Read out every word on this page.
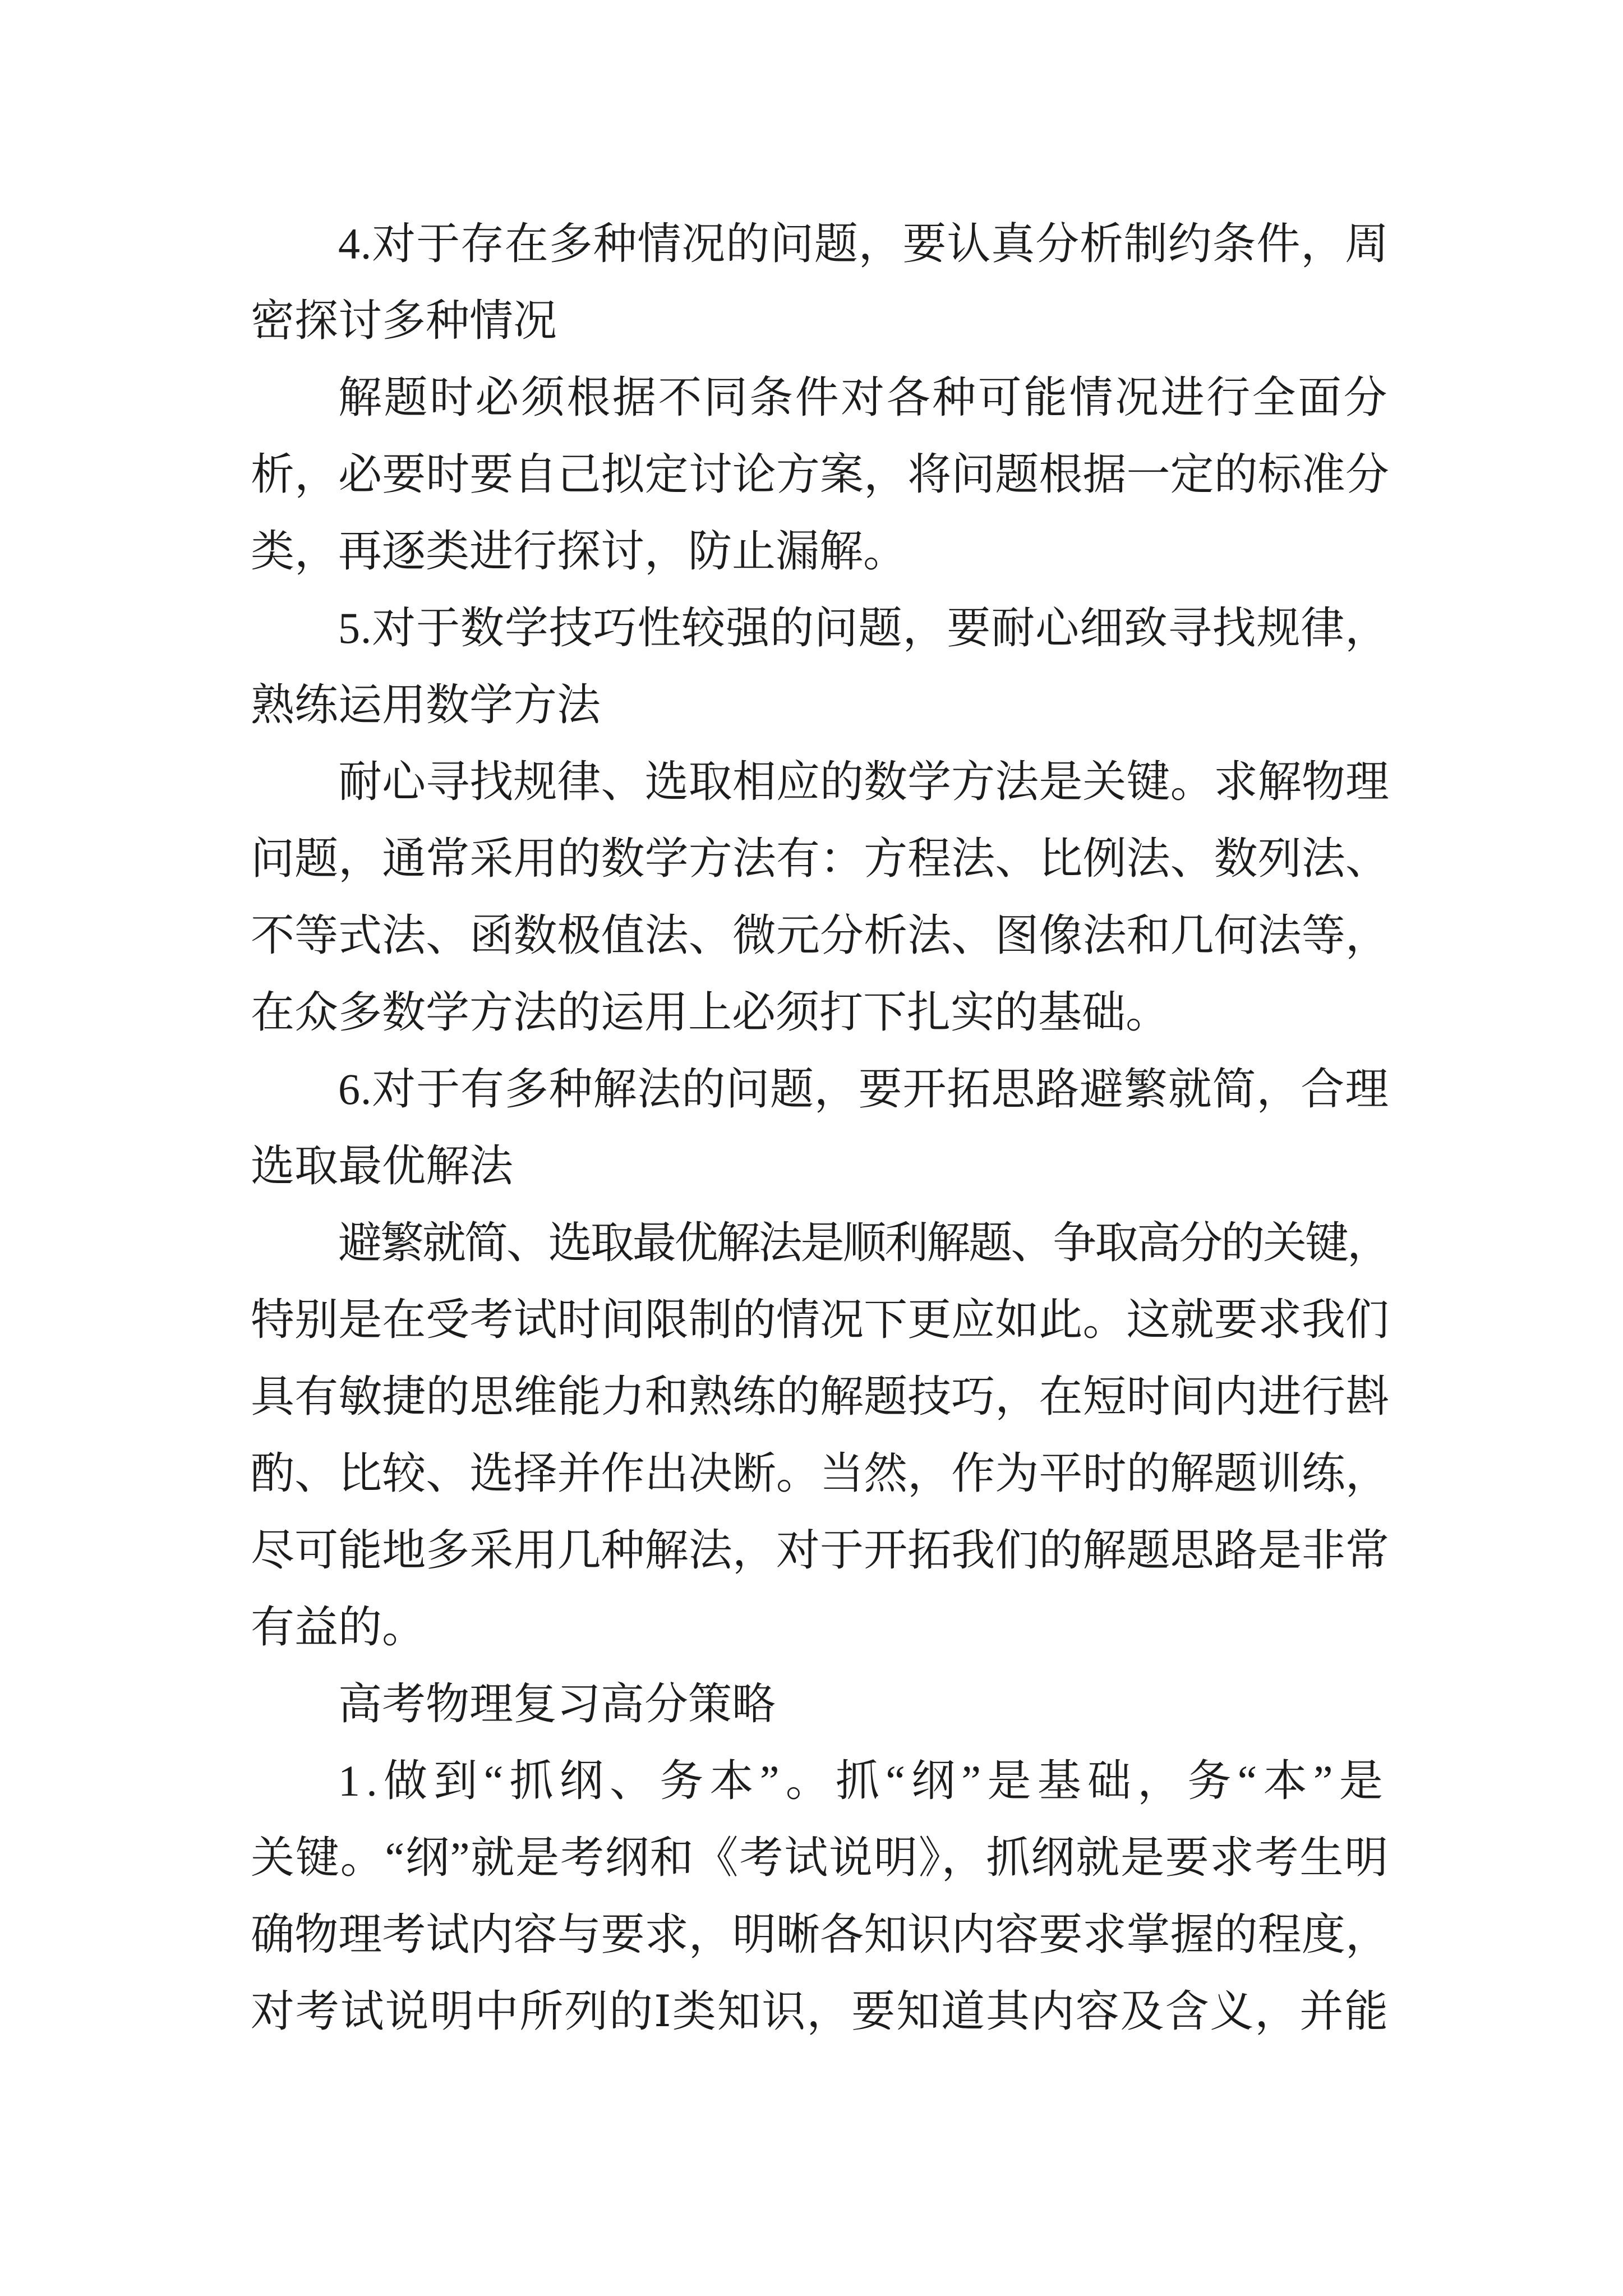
4.对于存在多种情况的问题，要认真分析制约条件，周
密探讨多种情况
解题时必须根据不同条件对各种可能情况进行全面分
析，必要时要自己拟定讨论方案，将问题根据一定的标准分
类，再逐类进行探讨，防止漏解。
5.对于数学技巧性较强的问题，要耐心细致寻找规律，
熟练运用数学方法
耐心寻找规律、选取相应的数学方法是关键。求解物理
问题，通常采用的数学方法有：方程法、比例法、数列法、
不等式法、函数极值法、微元分析法、图像法和几何法等，
在众多数学方法的运用上必须打下扎实的基础。
6.对于有多种解法的问题，要开拓思路避繁就简，合理
选取最优解法
避繁就简、选取最优解法是顺利解题、争取高分的关键，
特别是在受考试时间限制的情况下更应如此。这就要求我们
具有敏捷的思维能力和熟练的解题技巧，在短时间内进行斟
酌、比较、选择并作出决断。当然，作为平时的解题训练，
尽可能地多采用几种解法，对于开拓我们的解题思路是非常
有益的。
高考物理复习高分策略
1.做到“抓纲、务本”。抓“纲”是基础，务“本”是
关键。“纲”就是考纲和《考试说明》，抓纲就是要求考生明
确物理考试内容与要求，明晰各知识内容要求掌握的程度，
对考试说明中所列的Ⅰ类知识，要知道其内容及含义，并能
